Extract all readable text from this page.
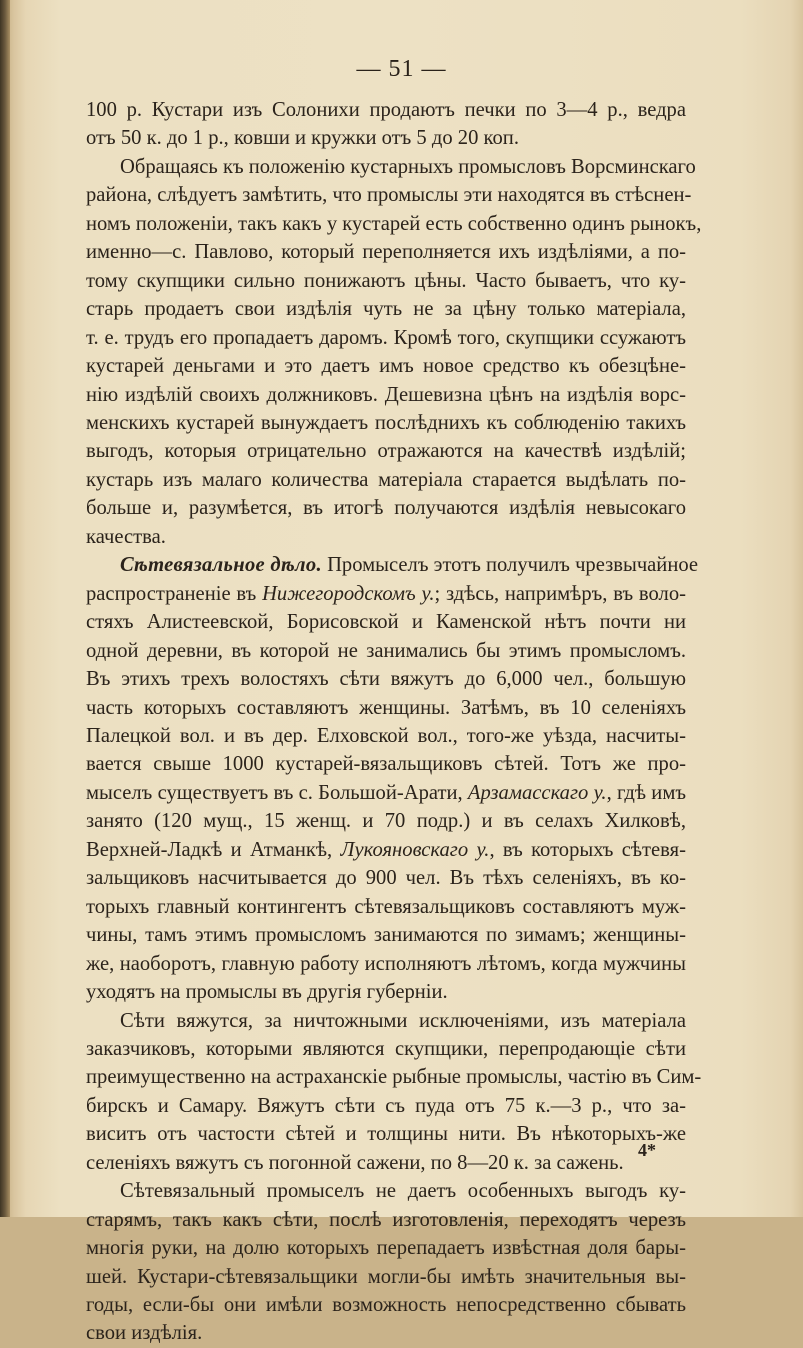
— 51 —

100 р. Кустари изъ Солонихи продаютъ печки по 3—4 р., ведра
отъ 50 к. до 1 р., ковши и кружки отъ 5 до 20 коп.

Обращаясь къ положенію кустарныхъ промысловъ Ворсминскаго
района, слѣдуетъ замѣтить, что промыслы эти находятся въ стѣснен-
номъ положеніи, такъ какъ у кустарей есть собственно одинъ рынокъ,
именно—с. Павлово, который переполняется ихъ издѣліями, а по-
тому скупщики сильно понижаютъ цѣны. Часто бываетъ, что ку-
старь продаетъ свои издѣлія чуть не за цѣну только матеріала,
т. е. трудъ его пропадаетъ даромъ. Кромѣ того, скупщики ссужаютъ
кустарей деньгами и это даетъ имъ новое средство къ обезцѣне-
нію издѣлій своихъ должниковъ. Дешевизна цѣнъ на издѣлія ворс-
менскихъ кустарей вынуждаетъ послѣднихъ къ соблюденію такихъ
выгодъ, которыя отрицательно отражаются на качествѣ издѣлій;
кустарь изъ малаго количества матеріала старается выдѣлать по-
больше и, разумѣется, въ итогѣ получаются издѣлія невысокаго
качества.

Сѣтевязальное дѣло. Промыселъ этотъ получилъ чрезвычайное
распространеніе въ Нижегородскомъ у.; здѣсь, напримѣръ, въ воло-
стяхъ Алистеевской, Борисовской и Каменской нѣтъ почти ни
одной деревни, въ которой не занимались бы этимъ промысломъ.
Въ этихъ трехъ волостяхъ сѣти вяжутъ до 6,000 чел., большую
часть которыхъ составляютъ женщины. Затѣмъ, въ 10 селеніяхъ
Палецкой вол. и въ дер. Елховской вол., того-же уѣзда, насчиты-
вается свыше 1000 кустарей-вязальщиковъ сѣтей. Тотъ же про-
мыселъ существуетъ въ с. Большой-Арати, Арзамасскаго у., гдѣ имъ
занято (120 мущ., 15 женщ. и 70 подр.) и въ селахъ Хилковѣ,
Верхней-Ладкѣ и Атманкѣ, Лукояновскаго у., въ которыхъ сѣтевя-
зальщиковъ насчитывается до 900 чел. Въ тѣхъ селеніяхъ, въ ко-
торыхъ главный контингентъ сѣтевязальщиковъ составляютъ муж-
чины, тамъ этимъ промысломъ занимаются по зимамъ; женщины-
же, наоборотъ, главную работу исполняютъ лѣтомъ, когда мужчины
уходятъ на промыслы въ другія губерніи.

Сѣти вяжутся, за ничтожными исключеніями, изъ матеріала
заказчиковъ, которыми являются скупщики, перепродающіе сѣти
преимущественно на астраханскіе рыбные промыслы, частію въ Сим-
бирскъ и Самару. Вяжутъ сѣти съ пуда отъ 75 к.—3 р., что за-
виситъ отъ частости сѣтей и толщины нити. Въ нѣкоторыхъ-же
селеніяхъ вяжутъ съ погонной сажени, по 8—20 к. за сажень.

Сѣтевязальный промыселъ не даетъ особенныхъ выгодъ ку-
старямъ, такъ какъ сѣти, послѣ изготовленія, переходятъ черезъ
многія руки, на долю которыхъ перепадаетъ извѣстная доля бары-
шей. Кустари-сѣтевязальщики могли-бы имѣть значительныя вы-
годы, если-бы они имѣли возможность непосредственно сбывать
свои издѣлія.

4*
